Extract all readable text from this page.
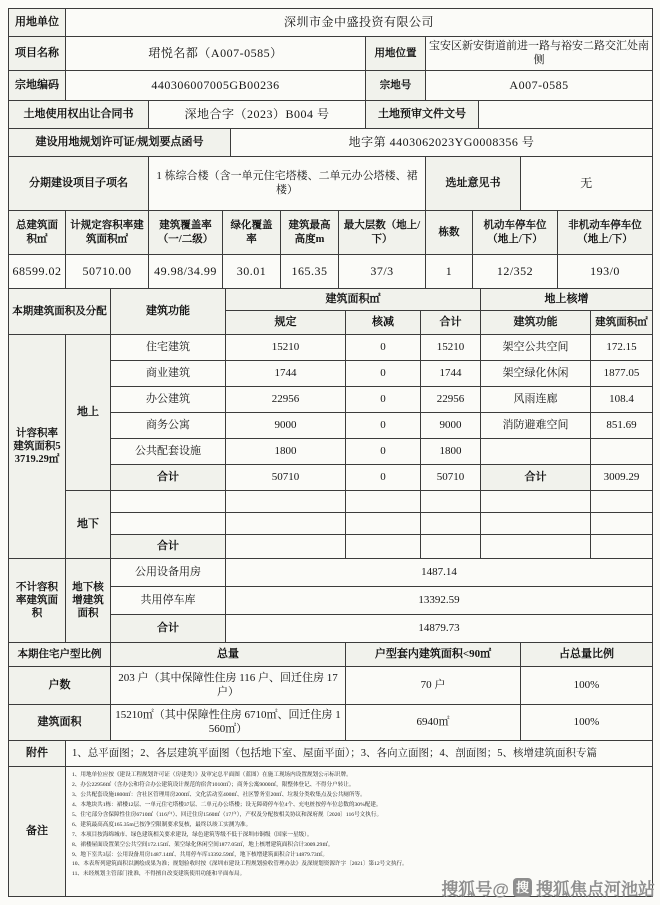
用地单位	深圳市金中盛投资有限公司		
项目名称	珺悦名都（A007-0585）	用地位置	宝安区新安街道前进一路与裕安二路交汇处南侧
宗地编码	440306007005GB00236	宗地号	A007-0585
土地使用权出让合同书	深地合字（2023）B004 号	土地预审文件文号	
建设用地规划许可证/规划要点函号	地字第 4403062023YG0008356 号
分期建设项目子项名	1 栋综合楼（含一单元住宅塔楼、二单元办公塔楼、裙楼）	选址意见书	无
总建筑面积㎡	计规定容积率建筑面积㎡	建筑覆盖率（一/二级）	绿化覆盖率	建筑最高高度m	最大层数（地上/下）	栋数	机动车停车位（地上/下）	非机动车停车位（地上/下）
68599.02	50710.00	49.98/34.99	30.01	165.35	37/3	1	12/352	193/0
本期建筑面积及分配		建筑功能	建筑面积㎡			地上核增	
			规定	核减	合计	建筑功能	建筑面积㎡
计容积率建筑面积53719.29㎡	地上	住宅建筑	15210	0	15210	架空公共空间	172.15
		商业建筑	1744	0	1744	架空绿化休闲	1877.05
		办公建筑	22956	0	22956	风雨连廊	108.4
		商务公寓	9000	0	9000	消防避难空间	851.69
		公共配套设施	1800	0	1800		
		合计	50710	0	50710	合计	3009.29
	地下						

		合计					
不计容积率建筑面积	地下核增建筑面积	公用设备用房	1487.14
		共用停车库	13392.59
		合计	14879.73
本期住宅户型比例	总量	户型套内建筑面积<90㎡	占总量比例
户数	203 户（其中保障性住房 116 户、回迁住房 17 户）	70 户	100%
建筑面积	15210㎡（其中保障性住房 6710㎡、回迁住房 1560㎡）	6940㎡	100%
附件	1、总平面图；2、各层建筑平面图（包括地下室、屋面平面）；3、各向立面图；4、剖面图；5、核增建筑面积专篇
备注	
1、用地单位应按《建设工程规划许可证（房建类）》及审定总平面图（蓝图）在施工现场内设置规划公示标识牌。
2、办公22956㎡（含办公和符合办公建筑设计规范的宿舍1010㎡）；商务公寓9000㎡，限整体登记、不得分户转让。
3、公共配套设施1800㎡：含社区管理用房200㎡、文化活动室400㎡、社区警务室20㎡、垃圾分类收集点及公共厕所等。
4、本地块共1栋：裙楼12层、一单元住宅塔楼37层、二单元办公塔楼；设无障碍停车位4个、充电桩按停车位总数的30%配建。
5、住宅部分含保障性住房6710㎡（116户）、回迁住房1560㎡（17户），产权及分配按相关协议和深府规〔2020〕116号文执行。
6、建筑最高高度165.35m已按净空限制要求复核，最终以竣工实测为准。
7、本项目按海绵城市、绿色建筑相关要求建设，绿色建筑等级不低于深圳市铜级（国家一星级）。
8、裙楼屋面设置架空公共空间172.15㎡、架空绿化休闲空间1877.05㎡，地上核增建筑面积合计3009.29㎡。
9、地下室共3层：公用设备用房1487.14㎡、共用停车库13392.59㎡，地下核增建筑面积合计14879.73㎡。
10、本表所列建筑面积以测绘成果为准；规划验收时按《深圳市建设工程规划验收管理办法》及深规划资源许字〔2021〕第12号文执行。
11、未经规划主管部门批准，不得擅自改变建筑使用功能和平面布局。
搜狐号@ 搜 搜狐焦点河池站
